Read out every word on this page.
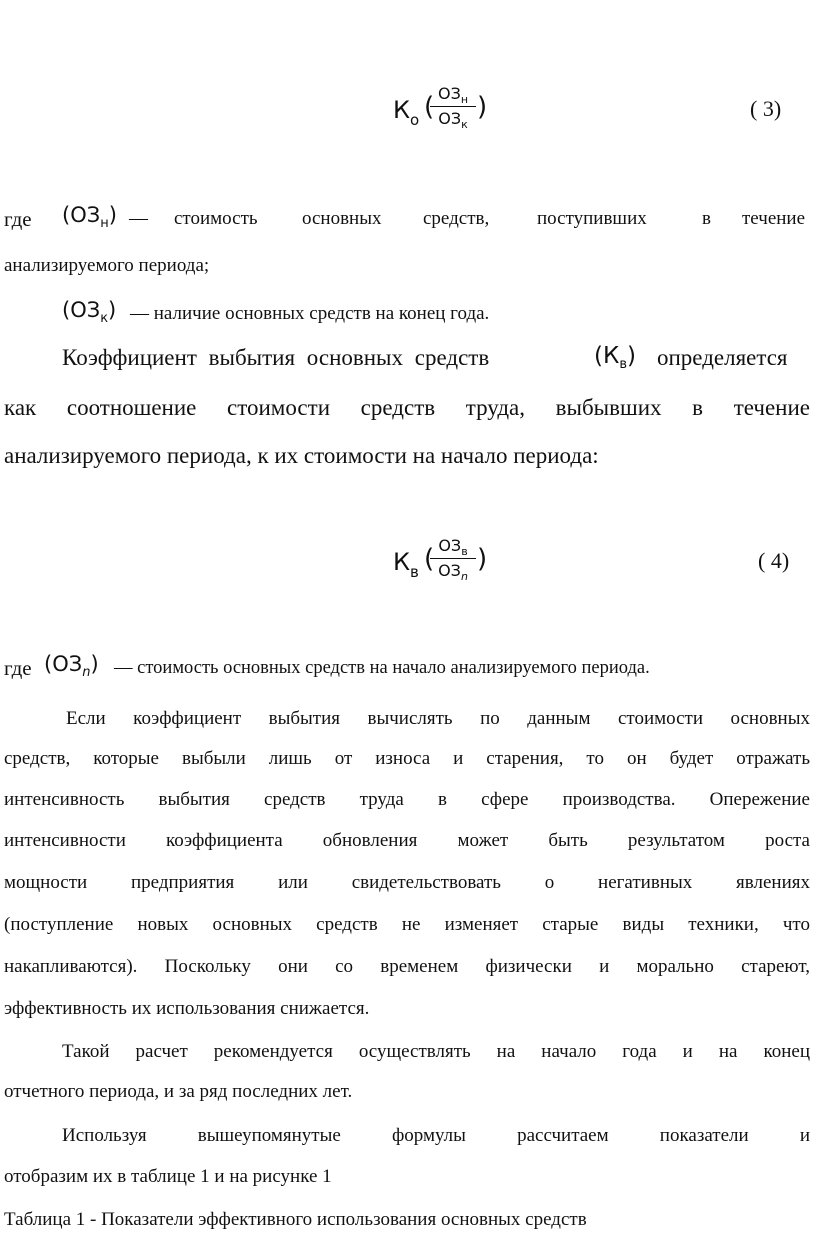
$К_о$ ( $ОЗ_н$
$ОЗ_к$
)	( 3)
где $(ОЗ_н)$ — стоимость основных средств,	поступивших	в течение
анализируемого периода;
$(ОЗ_к)$ — наличие основных средств на конец года.
Коэффициент выбытия основных средств	$(К_в)$ определяется
как соотношение стоимости средств труда, выбывших в течение
анализируемого периода, к их стоимости на начало периода:
$К_в$ ( $ОЗ_в$
$ОЗ_n$
)	( 4)
где $(ОЗ_n)$ — стоимость основных средств на начало анализируемого периода.
Если коэффициент выбытия вычислять по данным стоимости основных
средств, которые выбыли лишь от износа и старения, то он будет отражать
интенсивность выбытия средств труда в сфере производства. Опережение
интенсивности коэффициента обновления может быть результатом роста
мощности предприятия или свидетельствовать о негативных явлениях
(поступление новых основных средств не изменяет старые виды техники, что
накапливаются). Поскольку они со временем физически и морально стареют,
эффективность их использования снижается.
Такой расчет рекомендуется осуществлять на начало года и на конец
отчетного периода, и за ряд последних лет.
Используя вышеупомянутые формулы рассчитаем показатели и
отобразим их в таблице 1 и на рисунке 1
Таблица 1 - Показатели эффективного использования основных средств
